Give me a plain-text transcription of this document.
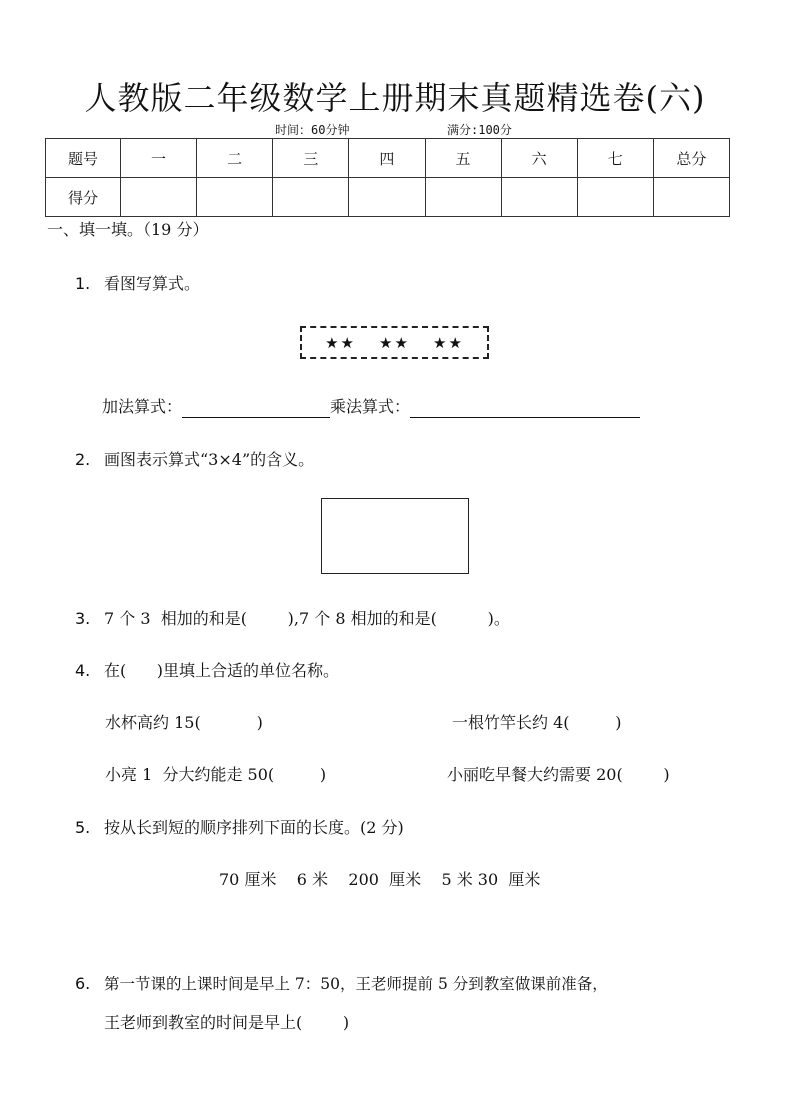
人教版二年级数学上册期末真题精选卷(六)
时间：60分钟	满分:100分
题号	一	二	三	四	五	六	七	总分
得分								
一、填一填。（19 分）
1. 看图写算式。
★★ ★★ ★★
加法算式：	乘法算式：
2. 画图表示算式“3×4”的含义。
3. 7 个 3  相加的和是(        ),7 个 8 相加的和是(          )。
4. 在(      )里填上合适的单位名称。
水杯高约 15(           )	一根竹竿长约 4(         )
小亮 1  分大约能走 50(         )	小丽吃早餐大约需要 20(        )
5. 按从长到短的顺序排列下面的长度。(2 分)
70 厘米    6 米    200  厘米    5 米 30  厘米
6. 第一节课的上课时间是早上 7：50，王老师提前 5 分到教室做课前准备，
王老师到教室的时间是早上(        )
